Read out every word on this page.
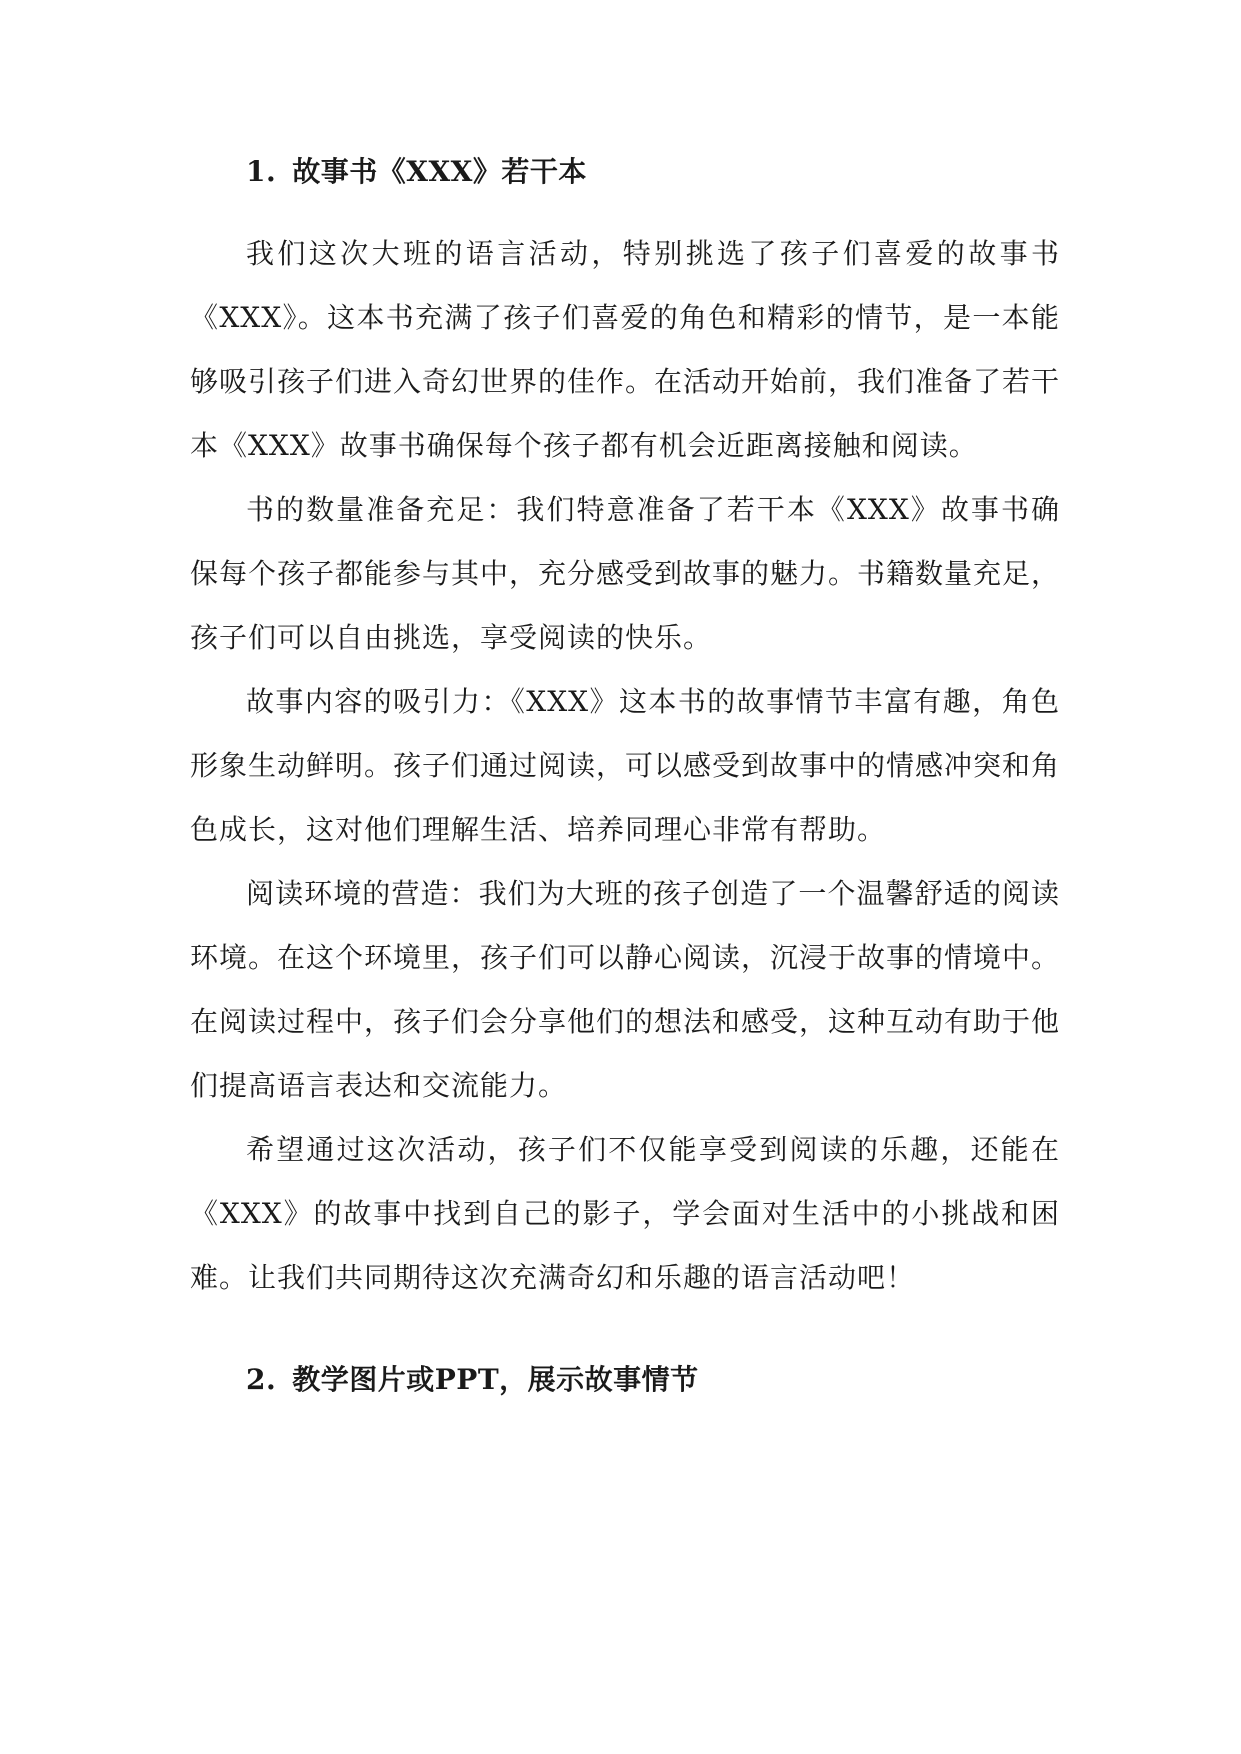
1. 故事书《XXX》若干本

我们这次大班的语言活动，特别挑选了孩子们喜爱的故事书《XXX》。这本书充满了孩子们喜爱的角色和精彩的情节，是一本能够吸引孩子们进入奇幻世界的佳作。在活动开始前，我们准备了若干本《XXX》故事书确保每个孩子都有机会近距离接触和阅读。

书的数量准备充足：我们特意准备了若干本《XXX》故事书确保每个孩子都能参与其中，充分感受到故事的魅力。书籍数量充足，孩子们可以自由挑选，享受阅读的快乐。

故事内容的吸引力：《XXX》这本书的故事情节丰富有趣，角色形象生动鲜明。孩子们通过阅读，可以感受到故事中的情感冲突和角色成长，这对他们理解生活、培养同理心非常有帮助。

阅读环境的营造：我们为大班的孩子创造了一个温馨舒适的阅读环境。在这个环境里，孩子们可以静心阅读，沉浸于故事的情境中。在阅读过程中，孩子们会分享他们的想法和感受，这种互动有助于他们提高语言表达和交流能力。

希望通过这次活动，孩子们不仅能享受到阅读的乐趣，还能在《XXX》的故事中找到自己的影子，学会面对生活中的小挑战和困难。让我们共同期待这次充满奇幻和乐趣的语言活动吧！

2. 教学图片或PPT，展示故事情节
